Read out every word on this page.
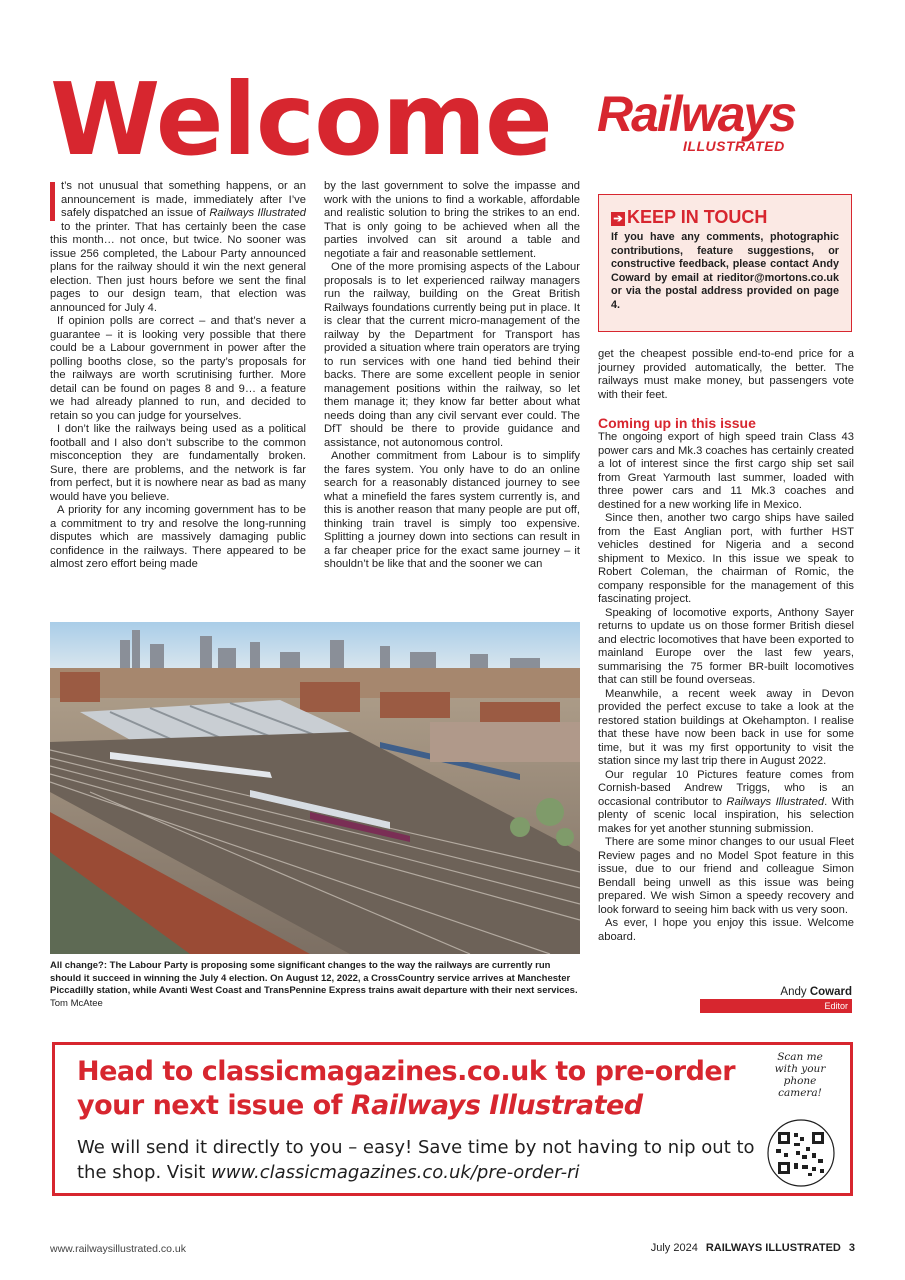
Welcome Railways
ILLUSTRATED

t’s not unusual that something happens, or an announcement is made, immediately after I’ve safely dispatched an issue of Railways Illustrated to the printer. That has certainly been the case this month… not once, but twice. No sooner was issue 256 completed, the Labour Party announced plans for the railway should it win the next general election. Then just hours before we sent the final pages to our design team, that election was announced for July 4.

If opinion polls are correct – and that’s never a guarantee – it is looking very possible that there could be a Labour government in power after the polling booths close, so the party’s proposals for the railways are worth scrutinising further. More detail can be found on pages 8 and 9… a feature we had already planned to run, and decided to retain so you can judge for yourselves.

I don’t like the railways being used as a political football and I also don’t subscribe to the common misconception they are fundamentally broken. Sure, there are problems, and the network is far from perfect, but it is nowhere near as bad as many would have you believe.

A priority for any incoming government has to be a commitment to try and resolve the long-running disputes which are massively damaging public confidence in the railways. There appeared to be almost zero effort being made

by the last government to solve the impasse and work with the unions to find a workable, affordable and realistic solution to bring the strikes to an end. That is only going to be achieved when all the parties involved can sit around a table and negotiate a fair and reasonable settlement.

One of the more promising aspects of the Labour proposals is to let experienced railway managers run the railway, building on the Great British Railways foundations currently being put in place. It is clear that the current micro-management of the railway by the Department for Transport has provided a situation where train operators are trying to run services with one hand tied behind their backs. There are some excellent people in senior management positions within the railway, so let them manage it; they know far better about what needs doing than any civil servant ever could. The DfT should be there to provide guidance and assistance, not autonomous control.

Another commitment from Labour is to simplify the fares system. You only have to do an online search for a reasonably distanced journey to see what a minefield the fares system currently is, and this is another reason that many people are put off, thinking train travel is simply too expensive. Splitting a journey down into sections can result in a far cheaper price for the exact same journey – it shouldn’t be like that and the sooner we can

➔ KEEP IN TOUCH
If you have any comments, photographic contributions, feature suggestions, or constructive feedback, please contact Andy Coward by email at rieditor@mortons.co.uk or via the postal address provided on page 4.

get the cheapest possible end-to-end price for a journey provided automatically, the better. The railways must make money, but passengers vote with their feet.

Coming up in this issue

The ongoing export of high speed train Class 43 power cars and Mk.3 coaches has certainly created a lot of interest since the first cargo ship set sail from Great Yarmouth last summer, loaded with three power cars and 11 Mk.3 coaches and destined for a new working life in Mexico.

Since then, another two cargo ships have sailed from the East Anglian port, with further HST vehicles destined for Nigeria and a second shipment to Mexico. In this issue we speak to Robert Coleman, the chairman of Romic, the company responsible for the management of this fascinating project.

Speaking of locomotive exports, Anthony Sayer returns to update us on those former British diesel and electric locomotives that have been exported to mainland Europe over the last few years, summarising the 75 former BR-built locomotives that can still be found overseas.

Meanwhile, a recent week away in Devon provided the perfect excuse to take a look at the restored station buildings at Okehampton. I realise that these have now been back in use for some time, but it was my first opportunity to visit the station since my last trip there in August 2022.

Our regular 10 Pictures feature comes from Cornish-based Andrew Triggs, who is an occasional contributor to Railways Illustrated. With plenty of scenic local inspiration, his selection makes for yet another stunning submission.

There are some minor changes to our usual Fleet Review pages and no Model Spot feature in this issue, due to our friend and colleague Simon Bendall being unwell as this issue was being prepared. We wish Simon a speedy recovery and look forward to seeing him back with us very soon.

As ever, I hope you enjoy this issue. Welcome aboard.

All change?: The Labour Party is proposing some significant changes to the way the railways are currently run should it succeed in winning the July 4 election. On August 12, 2022, a CrossCountry service arrives at Manchester Piccadilly station, while Avanti West Coast and TransPennine Express trains await departure with their next services. Tom McAtee
Andy Coward
Editor
Head to classicmagazines.co.uk to pre-order
your next issue of Railways Illustrated
We will send it directly to you – easy! Save time by not having to nip out to the shop. Visit www.classicmagazines.co.uk/pre-order-ri
Scan me with your phone camera!
www.railwaysillustrated.co.uk	July 2024 RAILWAYS ILLUSTRATED 3
